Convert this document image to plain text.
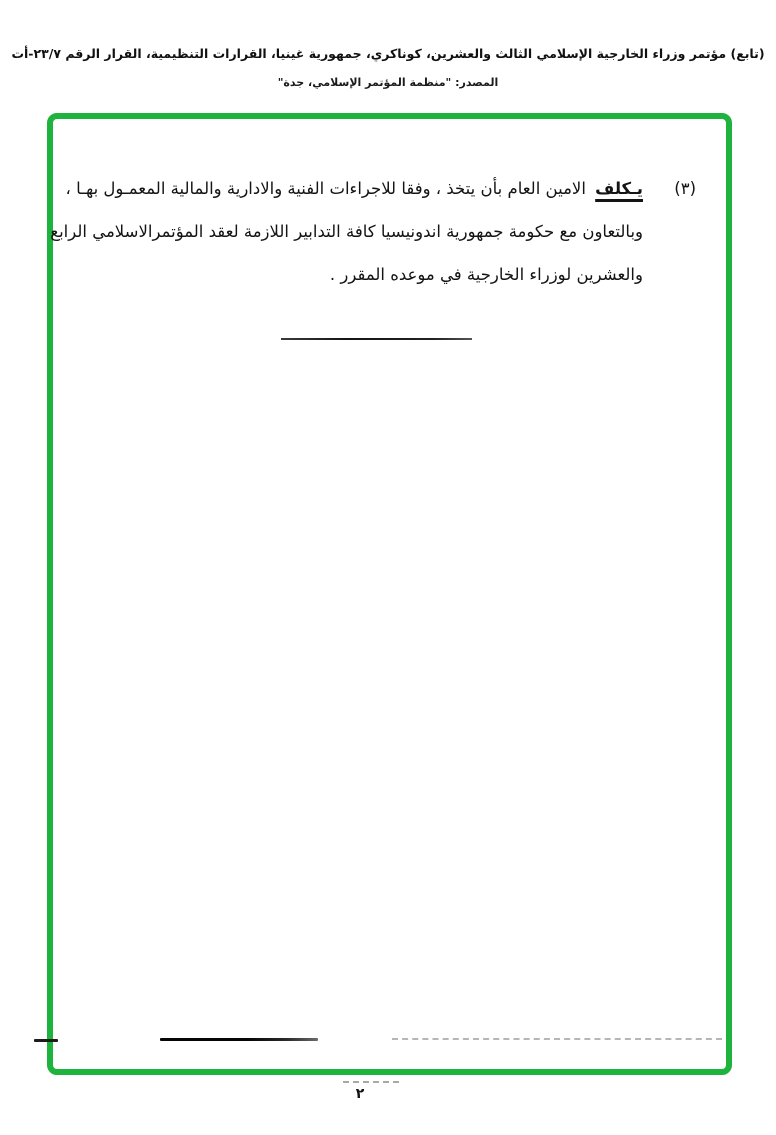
(تابع) مؤتمر وزراء الخارجية الإسلامي الثالث والعشرين، كوناكري، جمهورية غينيا، القرارات التنظيمية، القرار الرقم ٢٣/٧-أت
المصدر: "منظمة المؤتمر الإسلامي، جدة"
(٣)
يـكلف الامين العام بأن يتخذ ، وفقا للاجراءات الفنية والادارية والمالية المعمـول بهـا ،
وبالتعاون مع حكومة جمهورية اندونيسيا كافة التدابير اللازمة لعقد المؤتمرالاسلامي الرابع
والعشرين لوزراء الخارجية في موعده المقرر .
٢
